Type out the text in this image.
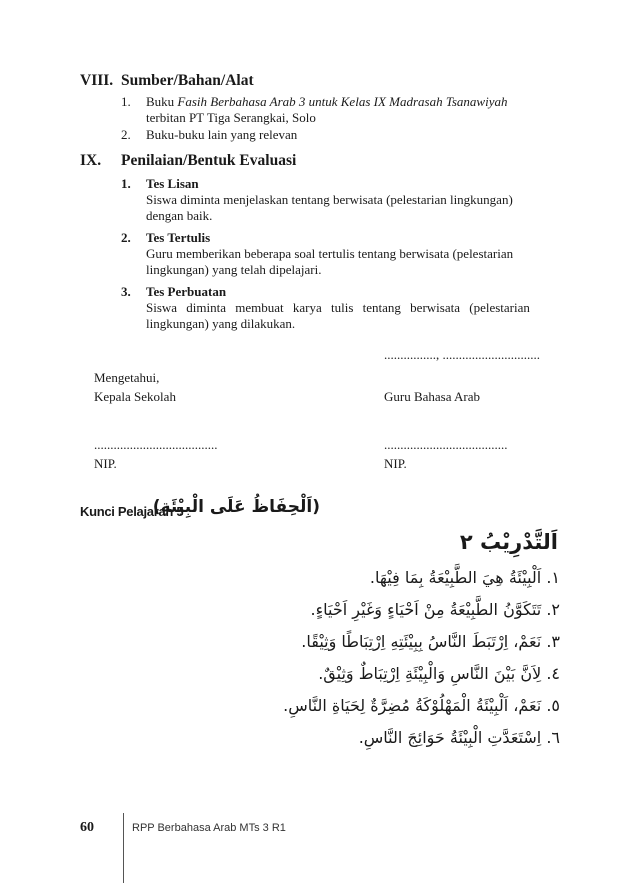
VIII. Sumber/Bahan/Alat
1. Buku Fasih Berbahasa Arab 3 untuk Kelas IX Madrasah Tsanawiyah
terbitan PT Tiga Serangkai, Solo
2. Buku-buku lain yang relevan
IX. Penilaian/Bentuk Evaluasi
1. Tes Lisan
Siswa diminta menjelaskan tentang berwisata (pelestarian lingkungan)
dengan baik.
2. Tes Tertulis
Guru memberikan beberapa soal tertulis tentang berwisata (pelestarian
lingkungan) yang telah dipelajari.
3. Tes Perbuatan
Siswa diminta membuat karya tulis tentang berwisata (pelestarian
lingkungan) yang dilakukan.
................, ..............................
Mengetahui,
Kepala Sekolah	Guru Bahasa Arab
......................................	......................................
NIP.	NIP.
Kunci Pelajaran 5
(اَلْحِفَاظُ عَلَى الْبِيْئَةِ)
اَلتَّدْرِيْبُ ٢
١. اَلْبِيْئَةُ هِيَ الطَّبِيْعَةُ بِمَا فِيْهَا.
٢. تَتَكَوَّنُ الطَّبِيْعَةُ مِنْ اَحْيَاءٍ وَغَيْرِ اَحْيَاءٍ.
٣. نَعَمْ، اِرْتَبَطَ النَّاسُ بِبِيْئَتِهِ اِرْتِبَاطًا وَثِيْقًا.
٤. لِاَنَّ بَيْنَ النَّاسِ وَالْبِيْئَةِ اِرْتِبَاطٌ وَثِيْقٌ.
٥. نَعَمْ، اَلْبِيْئَةُ الْمَهْلُوْكَةُ مُضِرَّةٌ لِحَيَاةِ النَّاسِ.
٦. اِسْتَعَدَّتِ الْبِيْئَةُ حَوَائِجَ النَّاسِ.
60	RPP Berbahasa Arab MTs 3 R1
